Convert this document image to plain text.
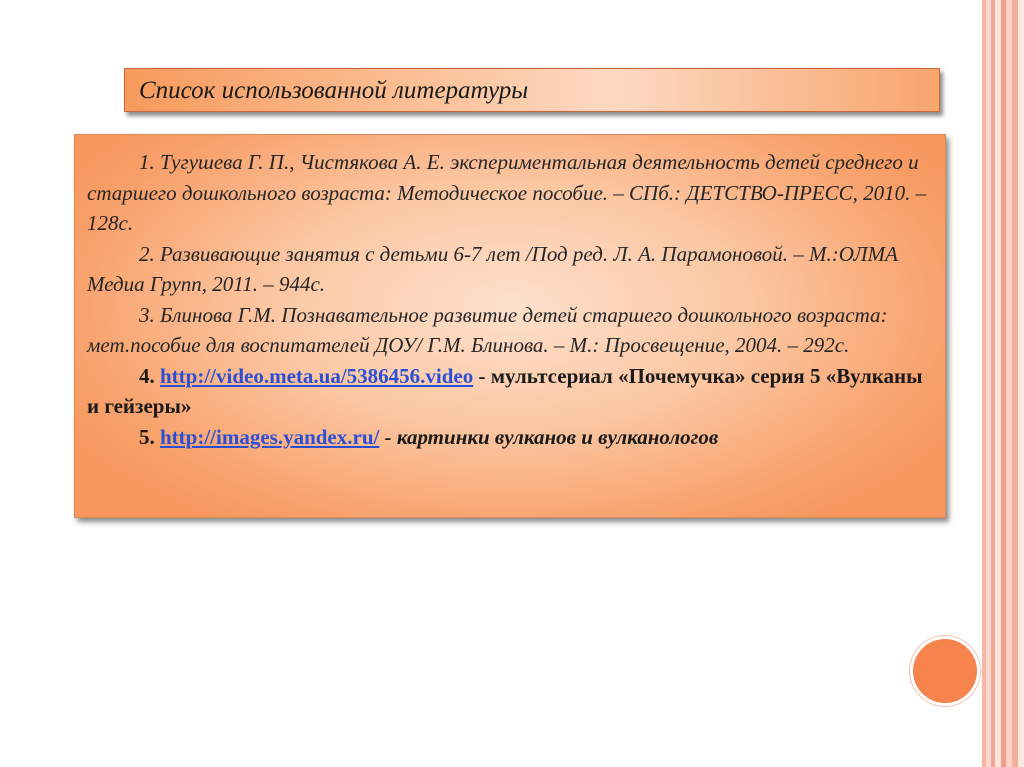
Список использованной литературы

1. Тугушева Г. П., Чистякова А. Е. экспериментальная деятельность детей среднего и старшего дошкольного возраста: Методическое пособие. – СПб.: ДЕТСТВО-ПРЕСС, 2010. – 128с.

2. Развивающие занятия с детьми 6-7 лет /Под ред. Л. А. Парамоновой. – М.:ОЛМА Медиа Групп, 2011. – 944с.

3. Блинова Г.М. Познавательное развитие детей старшего дошкольного возраста: мет.пособие для воспитателей ДОУ/ Г.М. Блинова. – М.: Просвещение, 2004. – 292с.

4. http://video.meta.ua/5386456.video - мультсериал «Почемучка» серия 5 «Вулканы и гейзеры»

5. http://images.yandex.ru/ - картинки вулканов и вулканологов
